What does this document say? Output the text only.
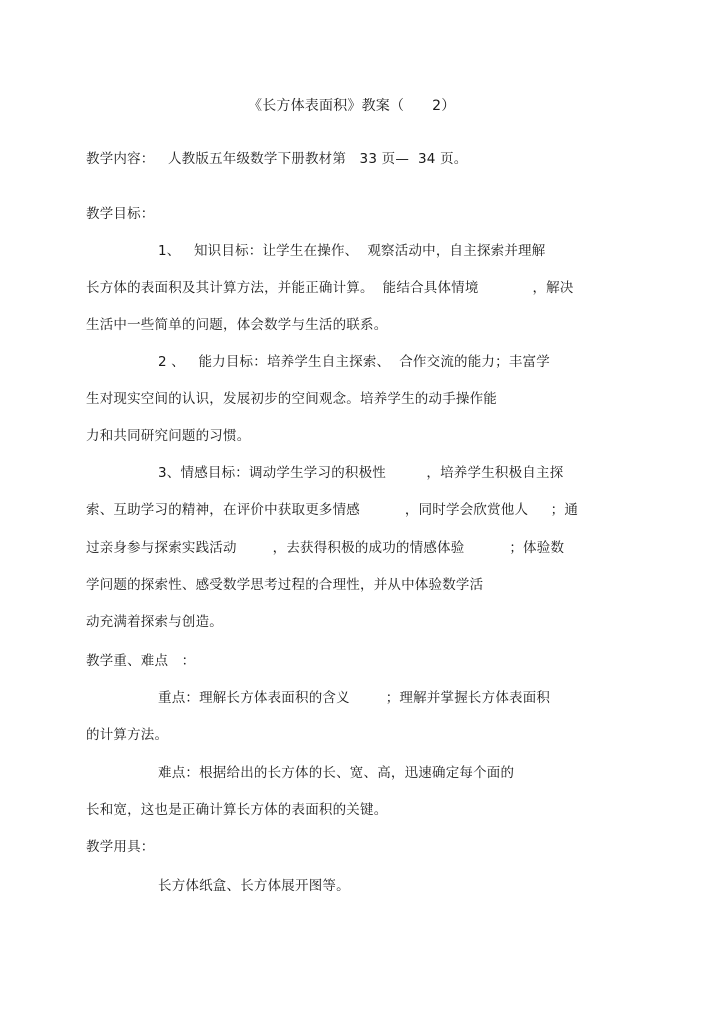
《长方体表面积》教案（      2）
教学内容：   人教版五年级数学下册教材第   33 页—  34 页。
教学目标：
1、   知识目标：让学生在操作、  观察活动中，自主探索并理解
长方体的表面积及其计算方法，并能正确计算。  能结合具体情境            ，解决
生活中一些简单的问题，体会数学与生活的联系。
2 、   能力目标：培养学生自主探索、  合作交流的能力；丰富学
生对现实空间的认识，发展初步的空间观念。培养学生的动手操作能
力和共同研究问题的习惯。
3、情感目标：调动学生学习的积极性         ，培养学生积极自主探
索、互助学习的精神，在评价中获取更多情感          ，同时学会欣赏他人     ；通
过亲身参与探索实践活动        ，去获得积极的成功的情感体验          ；体验数
学问题的探索性、感受数学思考过程的合理性，并从中体验数学活
动充满着探索与创造。
教学重、难点   ：
重点：理解长方体表面积的含义        ；理解并掌握长方体表面积
的计算方法。
难点：根据给出的长方体的长、宽、高，迅速确定每个面的
长和宽，这也是正确计算长方体的表面积的关键。
教学用具：
长方体纸盒、长方体展开图等。
